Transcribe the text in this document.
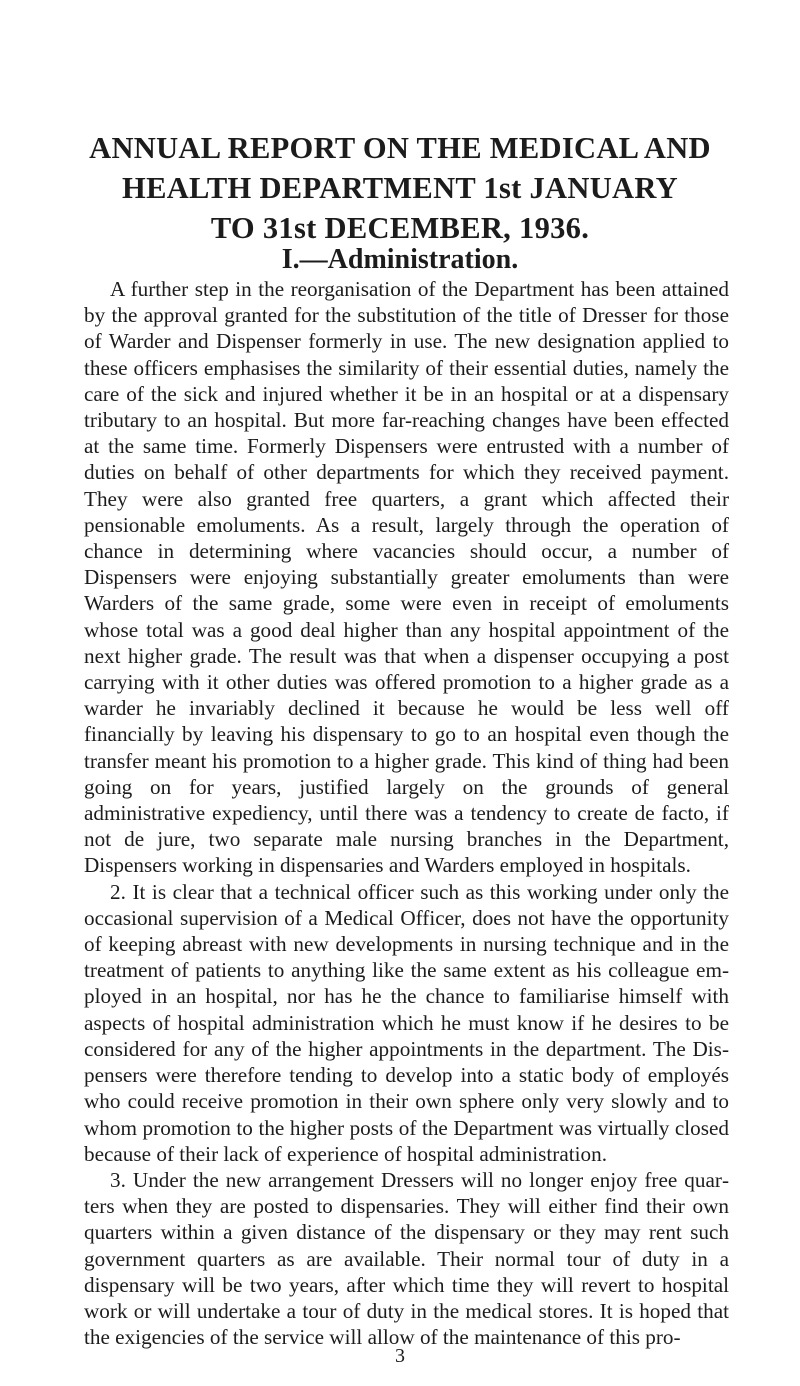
ANNUAL REPORT ON THE MEDICAL AND
HEALTH DEPARTMENT 1st JANUARY
TO 31st DECEMBER, 1936.
I.—Administration.

A further step in the reorganisation of the Department has been attained by the approval granted for the substitution of the title of Dresser for those of Warder and Dispenser formerly in use. The new designation applied to these officers emphasises the similarity of their essential duties, namely the care of the sick and injured whether it be in an hospital or at a dispensary tributary to an hospital. But more far-reaching changes have been effected at the same time. Formerly Dispensers were entrusted with a number of duties on behalf of other departments for which they received payment. They were also granted free quarters, a grant which affected their pensionable emoluments. As a result, largely through the operation of chance in determining where vacancies should occur, a number of Dispensers were enjoying substantially greater emoluments than were Warders of the same grade, some were even in receipt of emoluments whose total was a good deal higher than any hospital appointment of the next higher grade. The result was that when a dispenser occupying a post carrying with it other duties was offered promotion to a higher grade as a warder he invariably declined it because he would be less well off financially by leaving his dispensary to go to an hospital even though the transfer meant his promotion to a higher grade. This kind of thing had been going on for years, justified largely on the grounds of general administrative expediency, until there was a tendency to create de facto, if not de jure, two separate male nursing branches in the Department, Dispensers working in dispensaries and Warders employed in hospitals.

2. It is clear that a technical officer such as this working under only the occasional supervision of a Medical Officer, does not have the opportunity of keeping abreast with new developments in nursing technique and in the treatment of patients to anything like the same extent as his colleague employed in an hospital, nor has he the chance to familiarise himself with aspects of hospital administration which he must know if he desires to be considered for any of the higher appointments in the department. The Dispensers were therefore tending to develop into a static body of employés who could receive promotion in their own sphere only very slowly and to whom promotion to the higher posts of the Department was virtually closed because of their lack of experience of hospital administration.

3. Under the new arrangement Dressers will no longer enjoy free quarters when they are posted to dispensaries. They will either find their own quarters within a given distance of the dispensary or they may rent such government quarters as are available. Their normal tour of duty in a dispensary will be two years, after which time they will revert to hospital work or will undertake a tour of duty in the medical stores. It is hoped that the exigencies of the service will allow of the maintenance of this pro-

3
